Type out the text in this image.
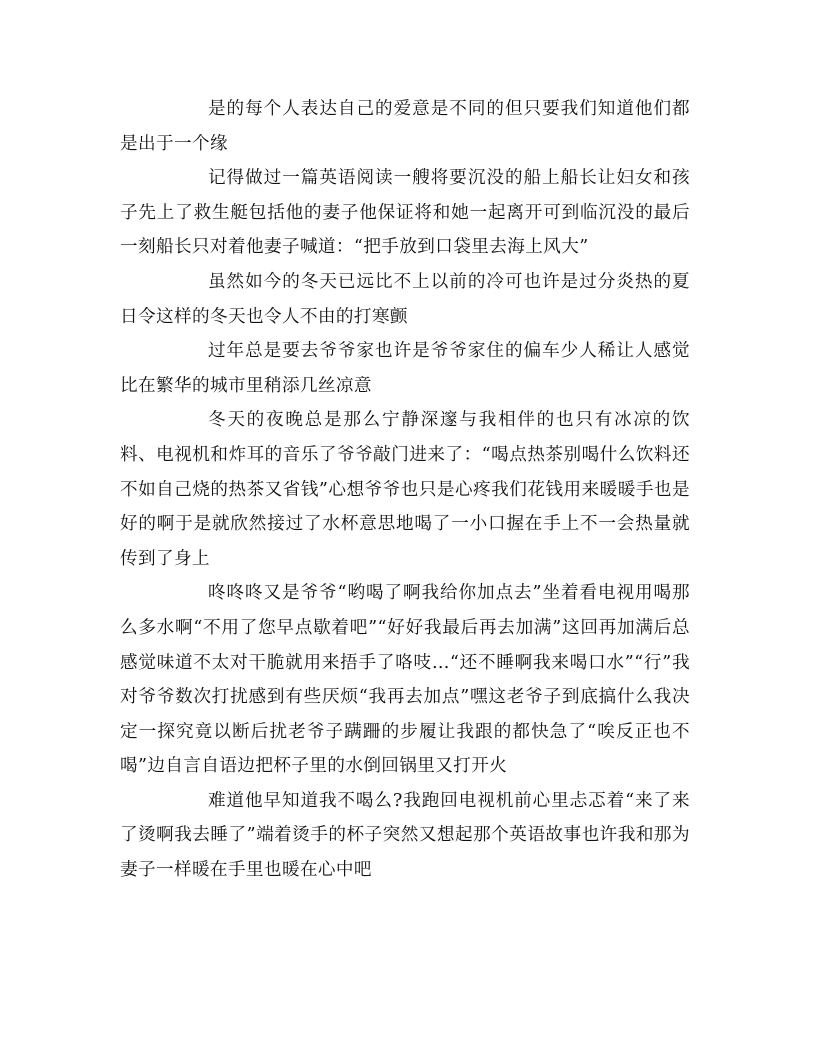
是的每个人表达自己的爱意是不同的但只要我们知道他们都是出于一个缘

记得做过一篇英语阅读一艘将要沉没的船上船长让妇女和孩子先上了救生艇包括他的妻子他保证将和她一起离开可到临沉没的最后一刻船长只对着他妻子喊道：“把手放到口袋里去海上风大”

虽然如今的冬天已远比不上以前的冷可也许是过分炎热的夏日令这样的冬天也令人不由的打寒颤

过年总是要去爷爷家也许是爷爷家住的偏车少人稀让人感觉比在繁华的城市里稍添几丝凉意

冬天的夜晚总是那么宁静深邃与我相伴的也只有冰凉的饮料、电视机和炸耳的音乐了爷爷敲门进来了：“喝点热茶别喝什么饮料还不如自己烧的热茶又省钱”心想爷爷也只是心疼我们花钱用来暖暖手也是好的啊于是就欣然接过了水杯意思地喝了一小口握在手上不一会热量就传到了身上

咚咚咚又是爷爷“哟喝了啊我给你加点去”坐着看电视用喝那么多水啊“不用了您早点歇着吧”“好好我最后再去加满”这回再加满后总感觉味道不太对干脆就用来捂手了咯吱…“还不睡啊我来喝口水”“行”我对爷爷数次打扰感到有些厌烦“我再去加点”嘿这老爷子到底搞什么我决定一探究竟以断后扰老爷子蹒跚的步履让我跟的都快急了“唉反正也不喝”边自言自语边把杯子里的水倒回锅里又打开火

难道他早知道我不喝么?我跑回电视机前心里忐忑着“来了来了烫啊我去睡了”端着烫手的杯子突然又想起那个英语故事也许我和那为妻子一样暖在手里也暖在心中吧
